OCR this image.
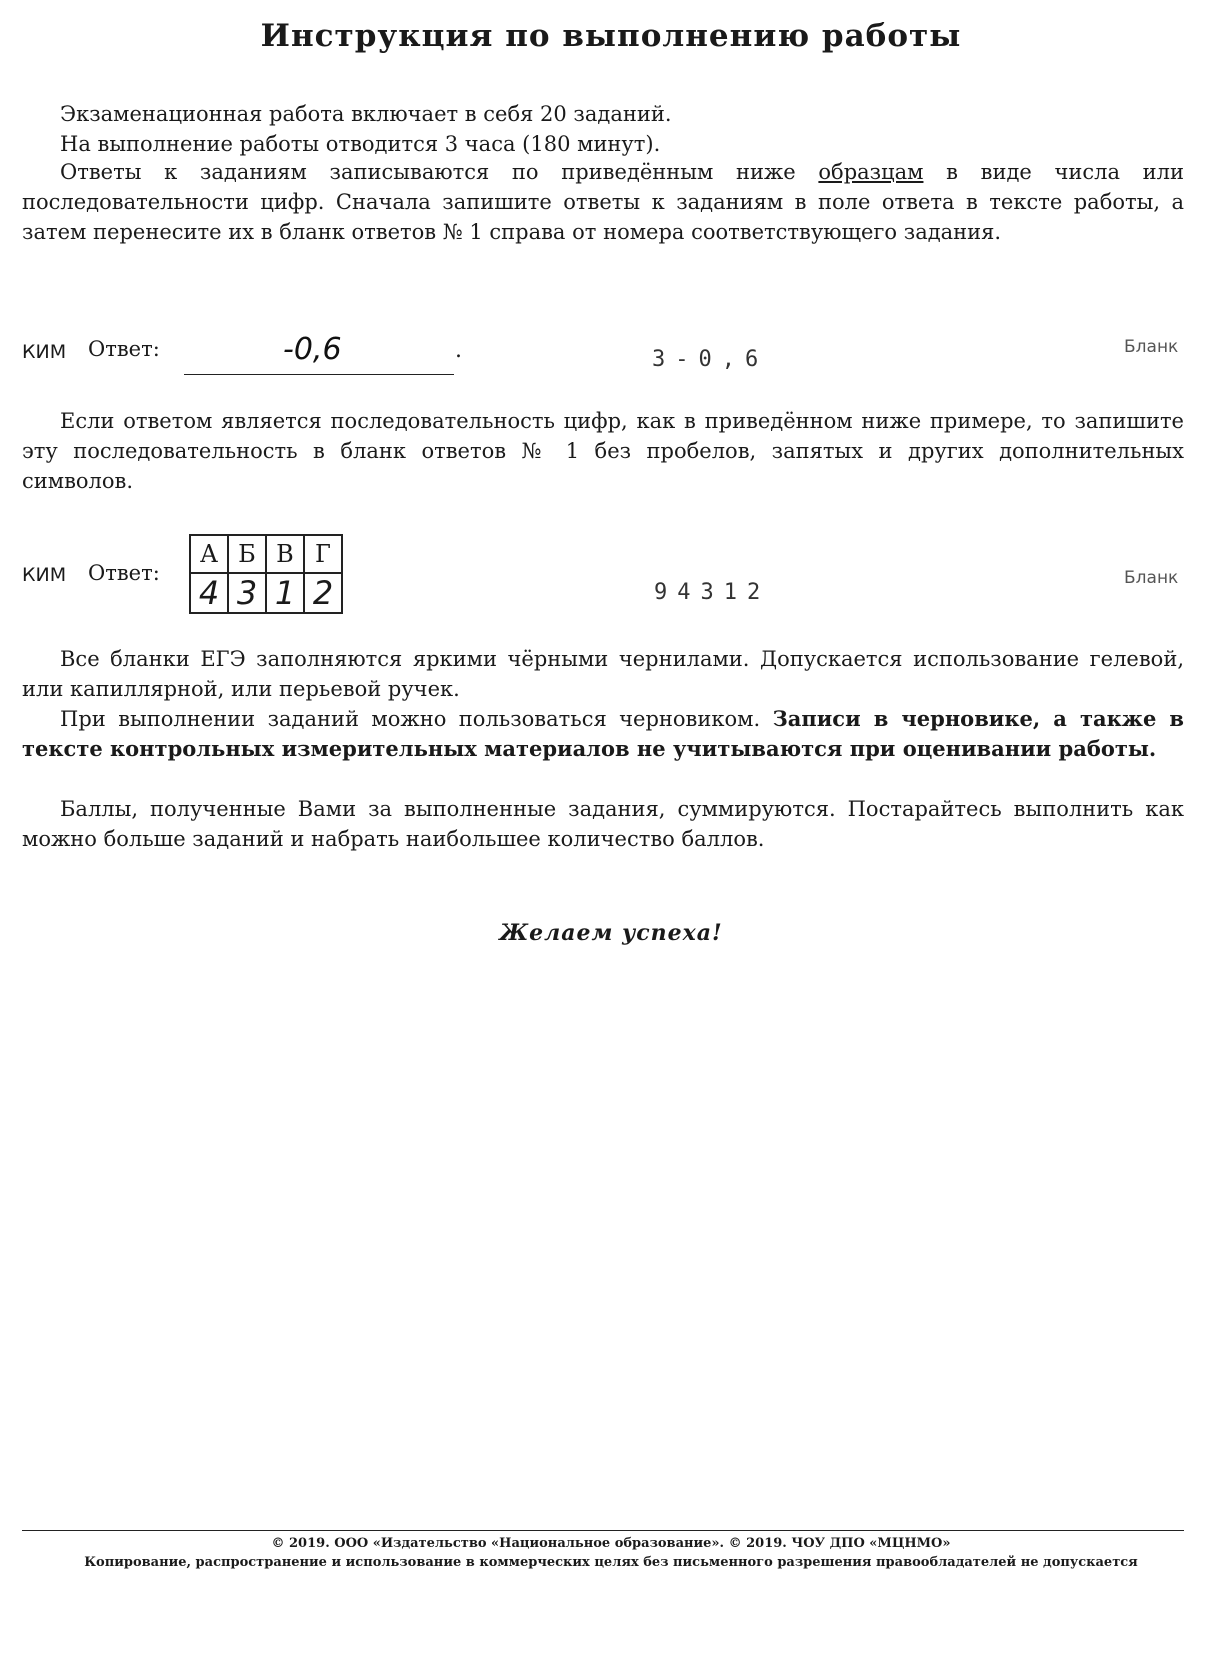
Инструкция по выполнению работы
Экзаменационная работа включает в себя 20 заданий.
На выполнение работы отводится 3 часа (180 минут).
Ответы к заданиям записываются по приведённым ниже образцам в виде числа или последовательности цифр. Сначала запишите ответы к заданиям в поле ответа в тексте работы, а затем перенесите их в бланк ответов № 1 справа от номера соответствующего задания.
КИМ Ответ:	-0,6	.	3-0,6	Бланк
Если ответом является последовательность цифр, как в приведённом ниже примере, то запишите эту последовательность в бланк ответов № 1 без пробелов, запятых и других дополнительных символов.
КИМ Ответ:
А	Б	В	Г
4	3	1	2	94312
Бланк
Все бланки ЕГЭ заполняются яркими чёрными чернилами. Допускается использование гелевой, или капиллярной, или перьевой ручек.
При выполнении заданий можно пользоваться черновиком. Записи в черновике, а также в тексте контрольных измерительных материалов не учитываются при оценивании работы.
Баллы, полученные Вами за выполненные задания, суммируются. Постарайтесь выполнить как можно больше заданий и набрать наибольшее количество баллов.
Желаем успеха!
© 2019. ООО «Издательство «Национальное образование». © 2019. ЧОУ ДПО «МЦНМО»
Копирование, распространение и использование в коммерческих целях без письменного разрешения правообладателей не допускается
